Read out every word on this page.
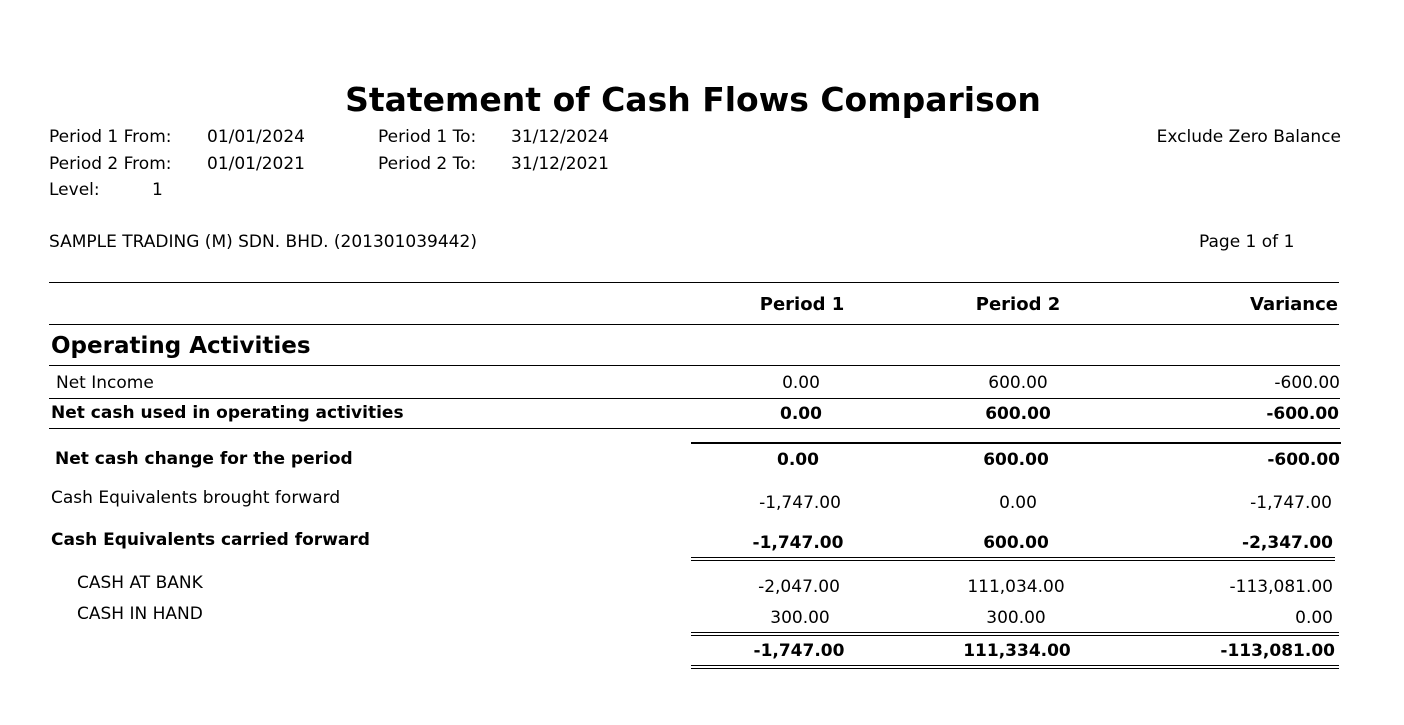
Statement of Cash Flows Comparison
Period 1 From: 01/01/2024	Period 1 To: 31/12/2024	Exclude Zero Balance
Period 2 From: 01/01/2021	Period 2 To: 31/12/2021
Level:	1
SAMPLE TRADING (M) SDN. BHD. (201301039442)	Page 1 of 1
Period 1	Period 2	Variance
Operating Activities
Net Income	0.00	600.00	-600.00
Net cash used in operating activities	0.00	600.00	-600.00
Net cash change for the period	0.00	600.00	-600.00
Cash Equivalents brought forward	-1,747.00	0.00	-1,747.00
Cash Equivalents carried forward	-1,747.00	600.00	-2,347.00
CASH AT BANK	-2,047.00	111,034.00	-113,081.00
CASH IN HAND	300.00	300.00	0.00
-1,747.00	111,334.00	-113,081.00
